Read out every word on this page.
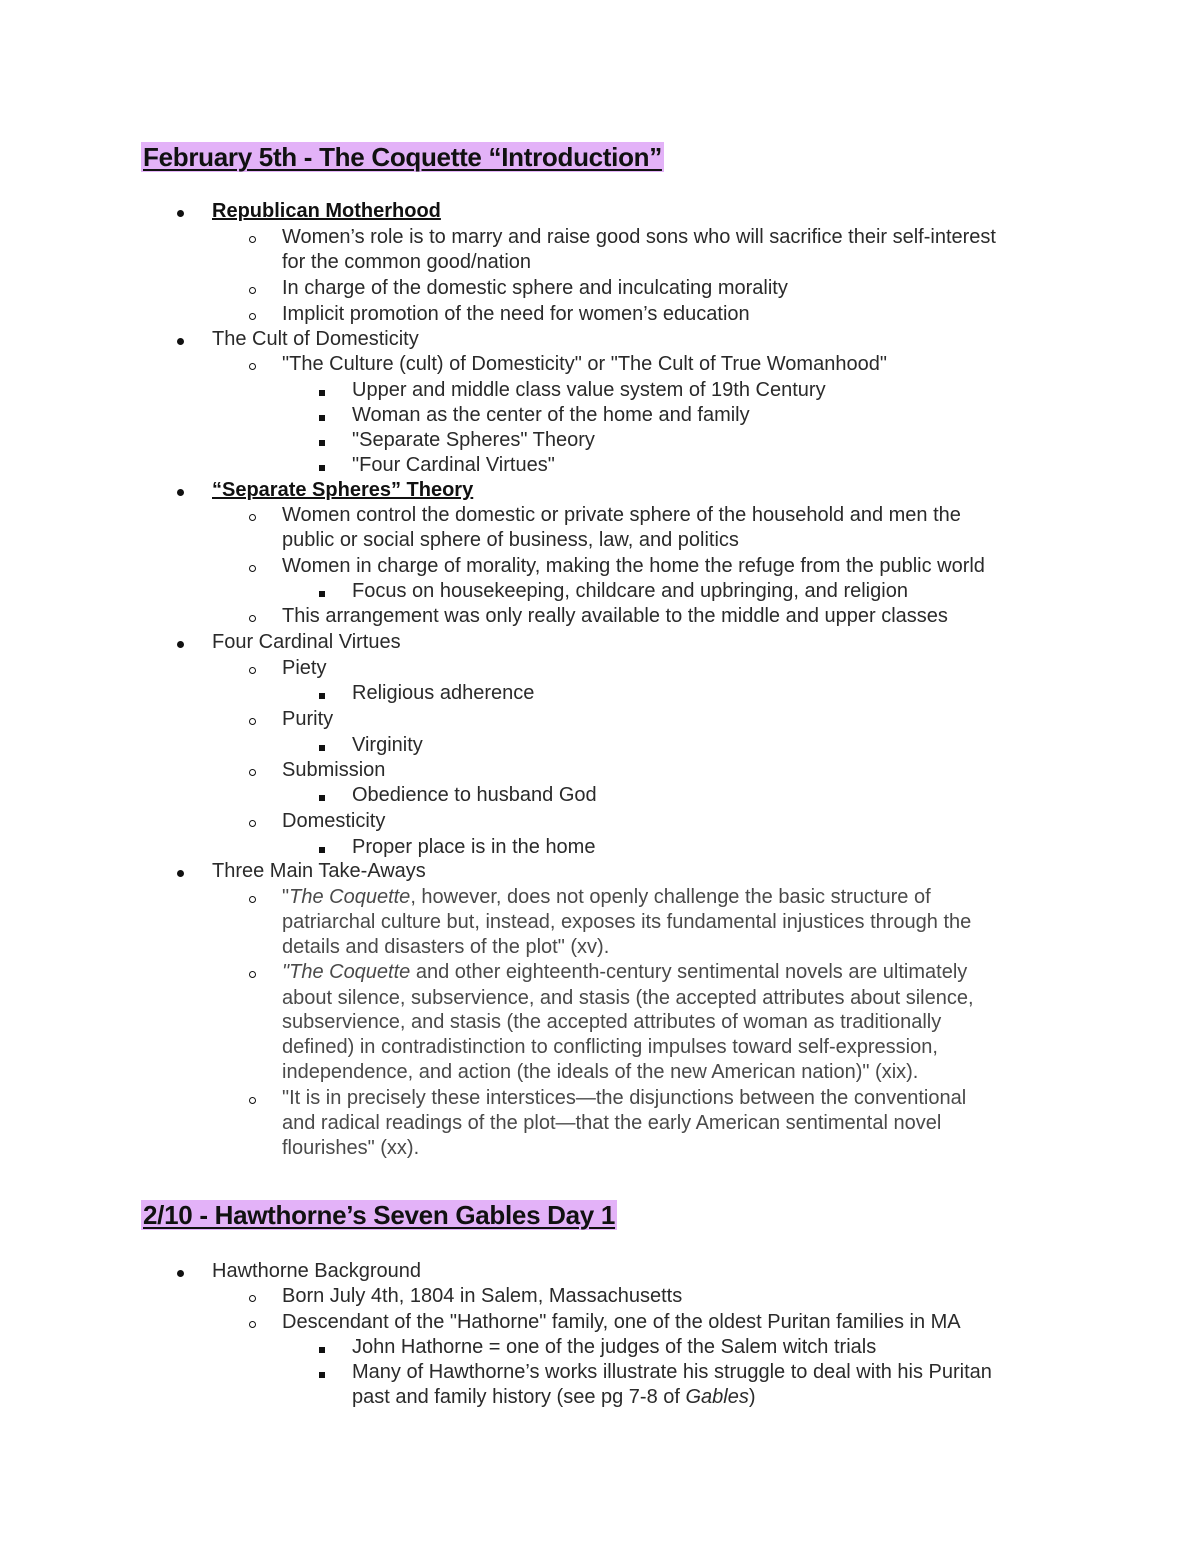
February 5th - The Coquette “Introduction”
Republican Motherhood
Women’s role is to marry and raise good sons who will sacrifice their self-interest
for the common good/nation
In charge of the domestic sphere and inculcating morality
Implicit promotion of the need for women’s education
The Cult of Domesticity
"The Culture (cult) of Domesticity" or "The Cult of True Womanhood"
Upper and middle class value system of 19th Century
Woman as the center of the home and family
"Separate Spheres" Theory
"Four Cardinal Virtues"
“Separate Spheres” Theory
Women control the domestic or private sphere of the household and men the
public or social sphere of business, law, and politics
Women in charge of morality, making the home the refuge from the public world
Focus on housekeeping, childcare and upbringing, and religion
This arrangement was only really available to the middle and upper classes
Four Cardinal Virtues
Piety
Religious adherence
Purity
Virginity
Submission
Obedience to husband God
Domesticity
Proper place is in the home
Three Main Take-Aways
"The Coquette, however, does not openly challenge the basic structure of
patriarchal culture but, instead, exposes its fundamental injustices through the
details and disasters of the plot" (xv).
"The Coquette and other eighteenth-century sentimental novels are ultimately
about silence, subservience, and stasis (the accepted attributes about silence,
subservience, and stasis (the accepted attributes of woman as traditionally
defined) in contradistinction to conflicting impulses toward self-expression,
independence, and action (the ideals of the new American nation)" (xix).
"It is in precisely these interstices—the disjunctions between the conventional
and radical readings of the plot—that the early American sentimental novel
flourishes" (xx).
2/10 - Hawthorne’s Seven Gables Day 1
Hawthorne Background
Born July 4th, 1804 in Salem, Massachusetts
Descendant of the "Hathorne" family, one of the oldest Puritan families in MA
John Hathorne = one of the judges of the Salem witch trials
Many of Hawthorne’s works illustrate his struggle to deal with his Puritan
past and family history (see pg 7-8 of Gables)
